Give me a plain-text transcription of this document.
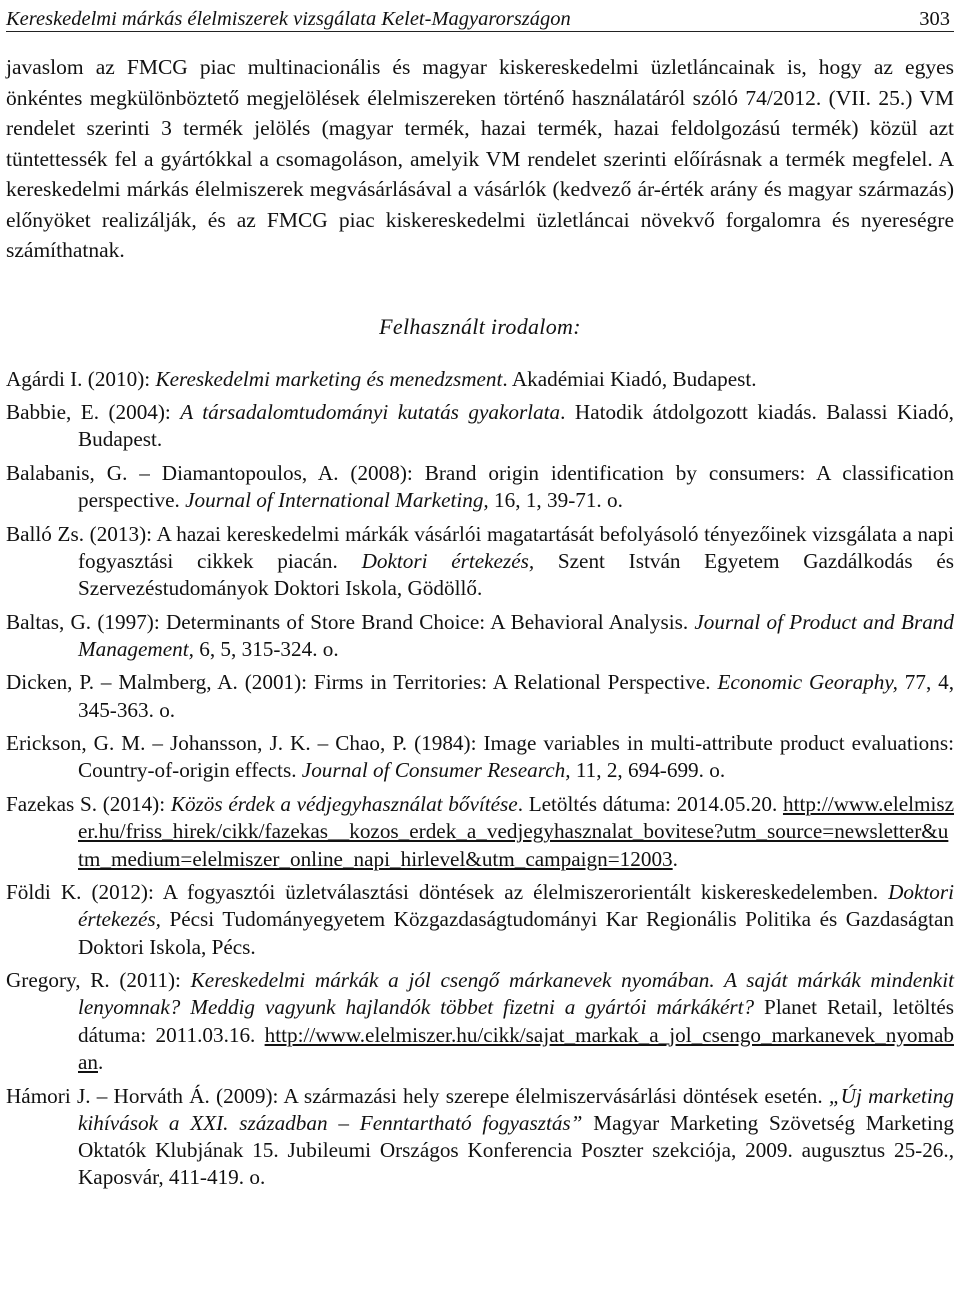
Kereskedelmi márkás élelmiszerek vizsgálata Kelet-Magyarországon	303

javaslom az FMCG piac multinacionális és magyar kiskereskedelmi üzletláncainak is, hogy az egyes önkéntes megkülönböztető megjelölések élelmiszereken történő használatáról szóló 74/2012. (VII. 25.) VM rendelet szerinti 3 termék jelölés (magyar termék, hazai termék, hazai feldolgozású termék) közül azt tüntettessék fel a gyártókkal a csomagoláson, amelyik VM rendelet szerinti előírásnak a termék megfelel. A kereskedelmi márkás élelmiszerek megvásárlásával a vásárlók (kedvező ár-érték arány és magyar származás) előnyöket realizálják, és az FMCG piac kiskereskedelmi üzletláncai növekvő forgalomra és nyereségre számíthatnak.

Felhasznált irodalom:

Agárdi I. (2010): Kereskedelmi marketing és menedzsment. Akadémiai Kiadó, Budapest.

Babbie, E. (2004): A társadalomtudományi kutatás gyakorlata. Hatodik átdolgozott kiadás. Balassi Kiadó, Budapest.

Balabanis, G. – Diamantopoulos, A. (2008): Brand origin identification by consumers: A classification perspective. Journal of International Marketing, 16, 1, 39-71. o.

Balló Zs. (2013): A hazai kereskedelmi márkák vásárlói magatartását befolyásoló tényezőinek vizsgálata a napi fogyasztási cikkek piacán. Doktori értekezés, Szent István Egyetem Gazdálkodás és Szervezéstudományok Doktori Iskola, Gödöllő.

Baltas, G. (1997): Determinants of Store Brand Choice: A Behavioral Analysis. Journal of Product and Brand Management, 6, 5, 315-324. o.

Dicken, P. – Malmberg, A. (2001): Firms in Territories: A Relational Perspective. Economic Georaphy, 77, 4, 345-363. o.

Erickson, G. M. – Johansson, J. K. – Chao, P. (1984): Image variables in multi-attribute product evaluations: Country-of-origin effects. Journal of Consumer Research, 11, 2, 694-699. o.

Fazekas S. (2014): Közös érdek a védjegyhasználat bővítése. Letöltés dátuma: 2014.05.20. http://www.elelmiszer.hu/friss_hirek/cikk/fazekas__kozos_erdek_a_vedjegyhasznalat_bovitese?utm_source=newsletter&utm_medium=elelmiszer_online_napi_hirlevel&utm_campaign=12003.

Földi K. (2012): A fogyasztói üzletválasztási döntések az élelmiszerorientált kiskereskedelemben. Doktori értekezés, Pécsi Tudományegyetem Közgazdaságtudományi Kar Regionális Politika és Gazdaságtan Doktori Iskola, Pécs.

Gregory, R. (2011): Kereskedelmi márkák a jól csengő márkanevek nyomában. A saját márkák mindenkit lenyomnak? Meddig vagyunk hajlandók többet fizetni a gyártói márkákért? Planet Retail, letöltés dátuma: 2011.03.16. http://www.elelmiszer.hu/cikk/sajat_markak_a_jol_csengo_markanevek_nyomaban.

Hámori J. – Horváth Á. (2009): A származási hely szerepe élelmiszervásárlási döntések esetén. „Új marketing kihívások a XXI. században – Fenntartható fogyasztás” Magyar Marketing Szövetség Marketing Oktatók Klubjának 15. Jubileumi Országos Konferencia Poszter szekciója, 2009. augusztus 25-26., Kaposvár, 411-419. o.
